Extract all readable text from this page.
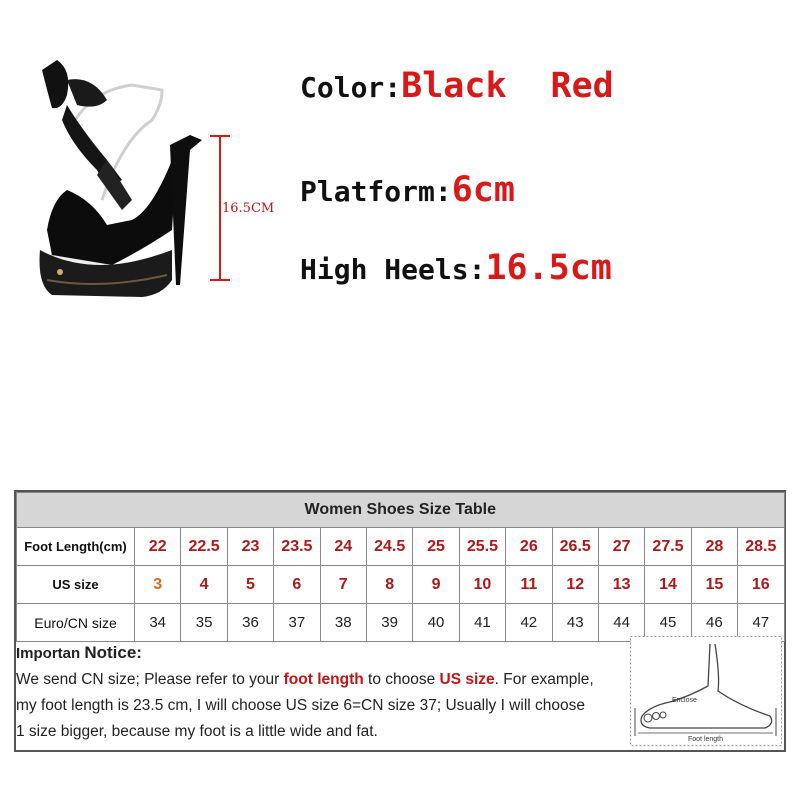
16.5CM
Color:Black Red
Platform:6cm
High Heels:16.5cm
Women Shoes Size Table														
Foot Length(cm)	22	22.5	23	23.5	24	24.5	25	25.5	26	26.5	27	27.5	28	28.5
US size	3	4	5	6	7	8	9	10	11	12	13	14	15	16
Euro/CN size	34	35	36	37	38	39	40	41	42	43	44	45	46	47
Importan Notice:
We send CN size; Please refer to your foot length to choose US size. For example,
my foot length is 23.5 cm, I will choose US size 6=CN size 37; Usually I will choose
1 size bigger, because my foot is a little wide and fat.
Enclose
Foot length
